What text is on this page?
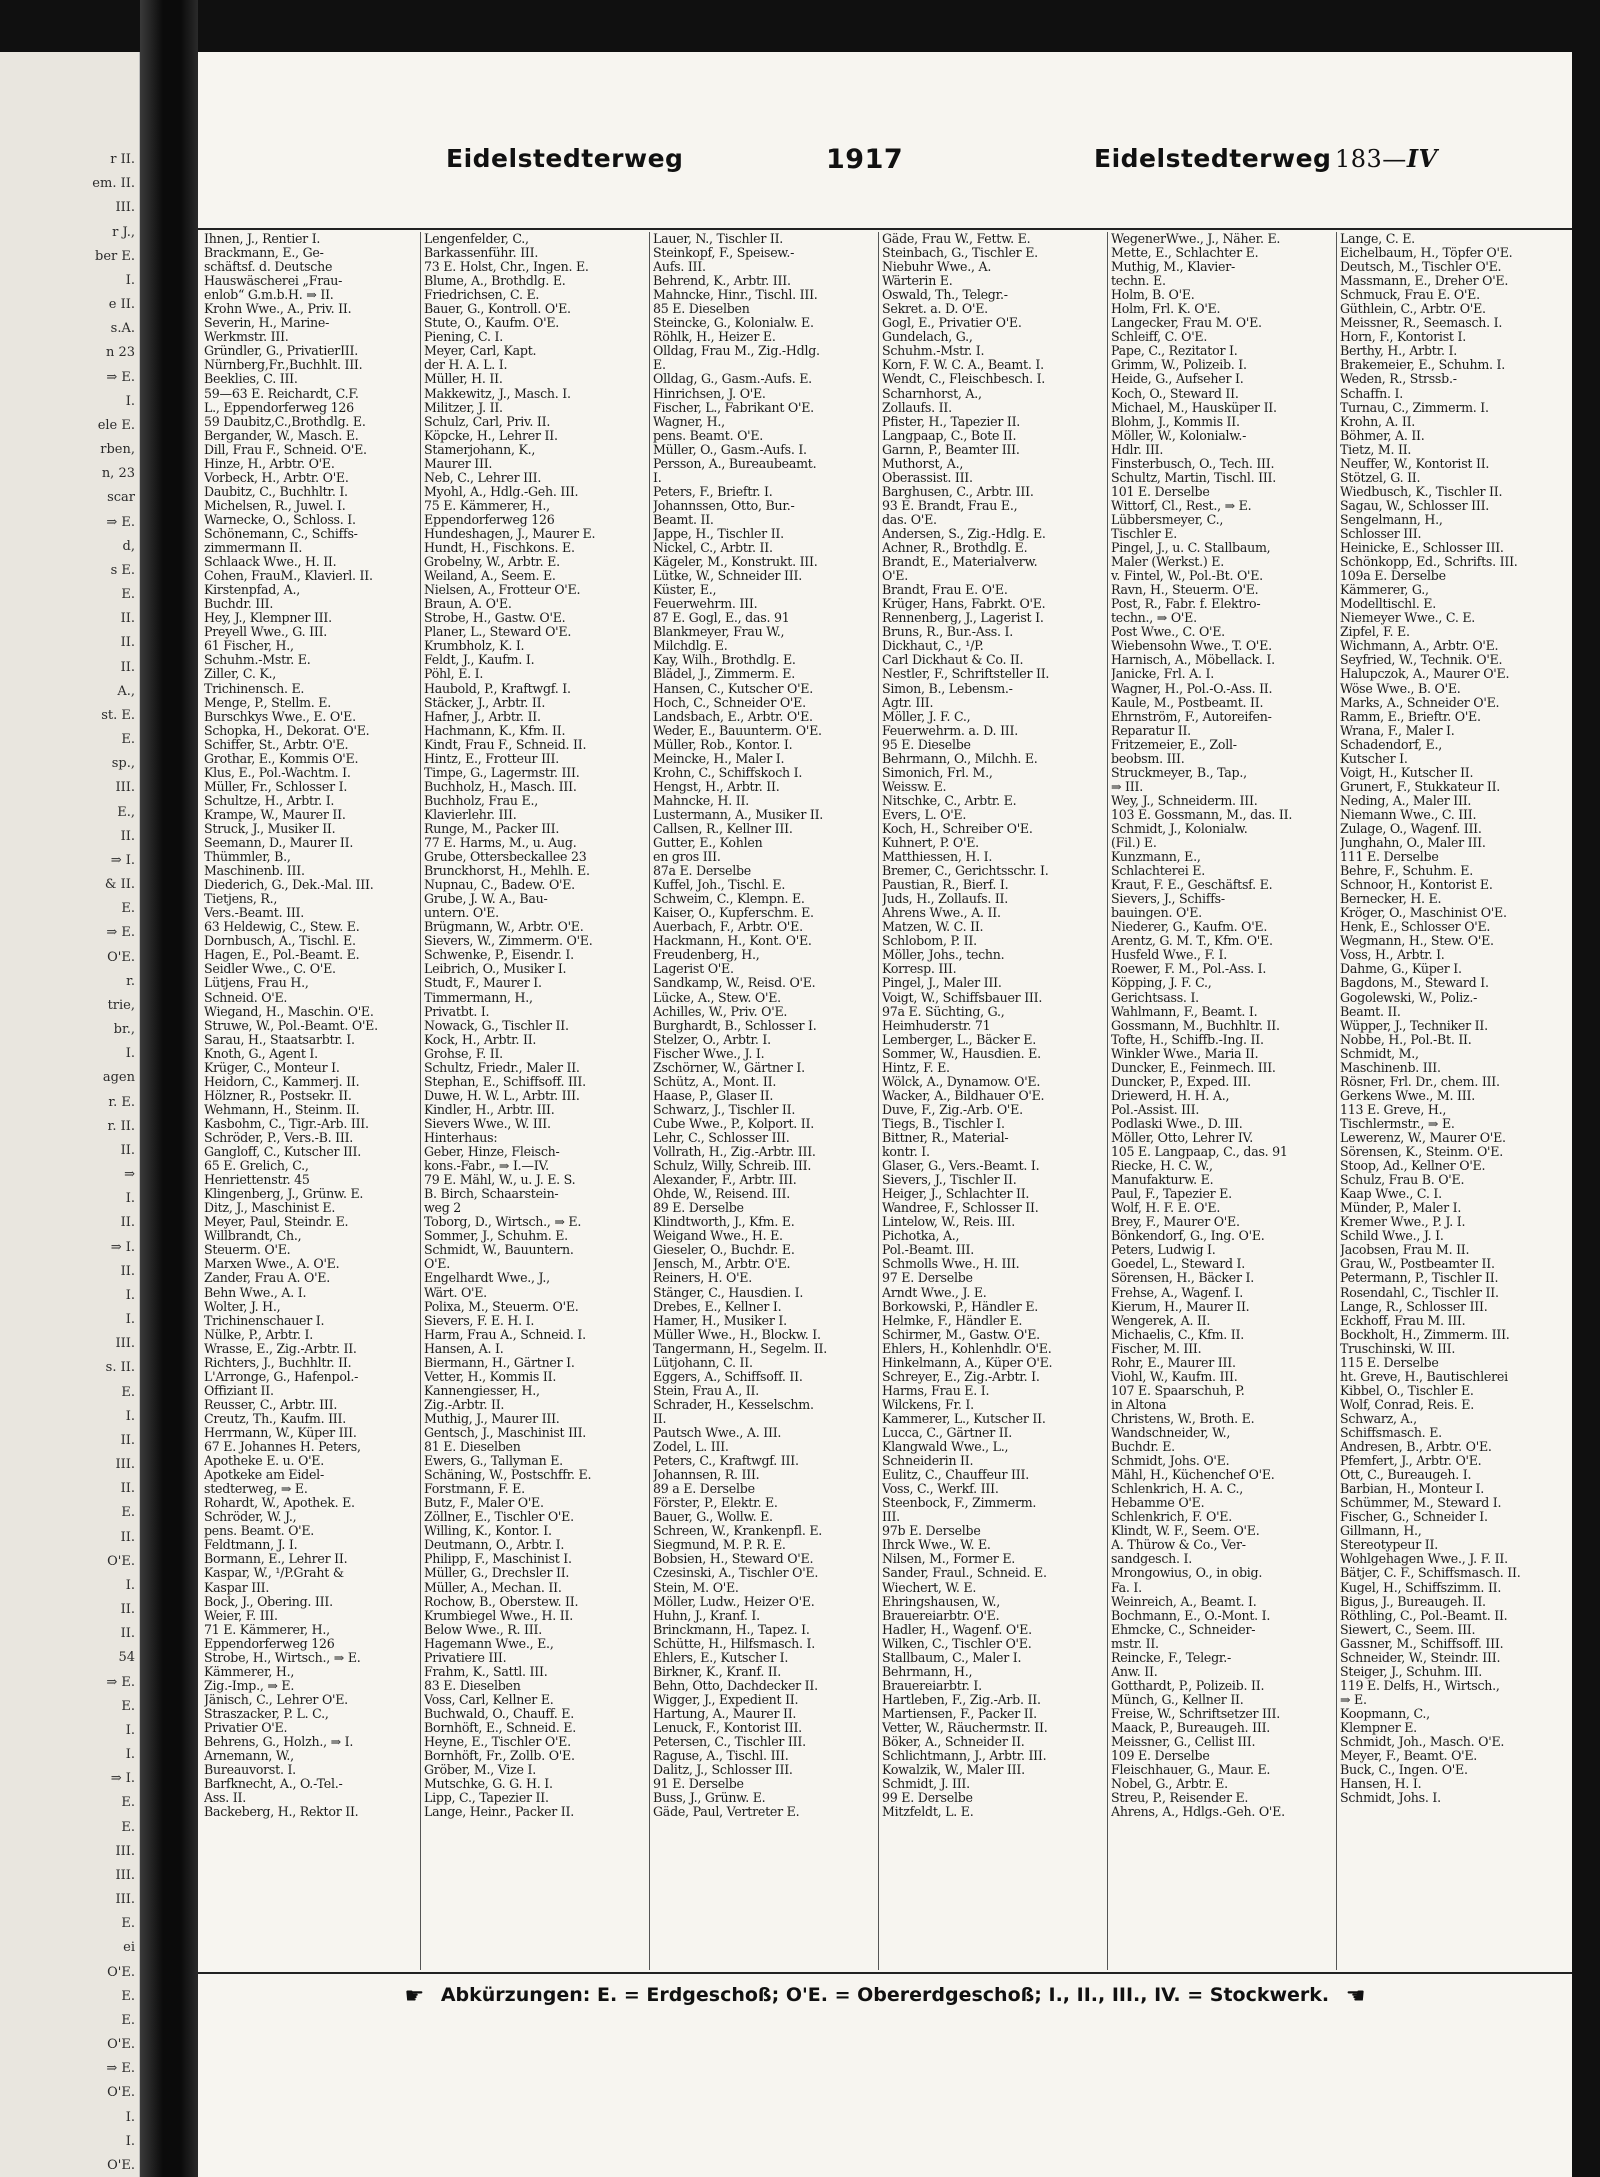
r II.
em. II.
III.
r J.,
ber E.
I.
e II.
s.A.
n 23
⇒ E.
I.
ele E.
rben,
n, 23
scar
⇒ E.
d,
s E.
E.
II.
II.
II.
A.,
st. E.
E.
sp.,
III.
E.,
II.
⇒ I.
& II.
E.
⇒ E.
O'E.
r.
trie,
br.,
I.
agen
r. E.
r. II.
II.
⇒
I.
II.
⇒ I.
II.
I.
I.
III.
s. II.
E.
I.
II.
III.
II.
E.
II.
O'E.
I.
II.
II.
54
⇒ E.
E.
I.
I.
⇒ I.
E.
E.
III.
III.
III.
E.
ei
O'E.
E.
E.
O'E.
⇒ E.
O'E.
I.
I.
O'E.
Eidelstedterweg	1917	Eidelstedterweg 183—IV
Ihnen, J., Rentier I.
Brackmann, E., Ge-
schäftsf. d. Deutsche
Hauswäscherei „Frau-
enlob“ G.m.b.H. ⇒ II.
Krohn Wwe., A., Priv. II.
Severin, H., Marine-
Werkmstr. III.
Gründler, G., PrivatierIII.
Nürnberg,Fr.,Buchhlt. III.
Beeklies, C. III.
59—63 E. Reichardt, C.F.
L., Eppendorferweg 126
59 Daubitz,C.,Brothdlg. E.
Bergander, W., Masch. E.
Dill, Frau F., Schneid. O'E.
Hinze, H., Arbtr. O'E.
Vorbeck, H., Arbtr. O'E.
Daubitz, C., Buchhltr. I.
Michelsen, R., Juwel. I.
Warnecke, O., Schloss. I.
Schönemann, C., Schiffs-
zimmermann II.
Schlaack Wwe., H. II.
Cohen, FrauM., Klavierl. II.
Kirstenpfad, A.,
Buchdr. III.
Hey, J., Klempner III.
Preyell Wwe., G. III.
61 Fischer, H.,
Schuhm.-Mstr. E.
Ziller, C. K.,
Trichinensch. E.
Menge, P., Stellm. E.
Burschkys Wwe., E. O'E.
Schopka, H., Dekorat. O'E.
Schiffer, St., Arbtr. O'E.
Grothar, E., Kommis O'E.
Klus, E., Pol.-Wachtm. I.
Müller, Fr., Schlosser I.
Schultze, H., Arbtr. I.
Krampe, W., Maurer II.
Struck, J., Musiker II.
Seemann, D., Maurer II.
Thümmler, B.,
Maschinenb. III.
Diederich, G., Dek.-Mal. III.
Tietjens, R.,
Vers.-Beamt. III.
63 Heldewig, C., Stew. E.
Dornbusch, A., Tischl. E.
Hagen, E., Pol.-Beamt. E.
Seidler Wwe., C. O'E.
Lütjens, Frau H.,
Schneid. O'E.
Wiegand, H., Maschin. O'E.
Struwe, W., Pol.-Beamt. O'E.
Sarau, H., Staatsarbtr. I.
Knoth, G., Agent I.
Krüger, C., Monteur I.
Heidorn, C., Kammerj. II.
Hölzner, R., Postsekr. II.
Wehmann, H., Steinm. II.
Kasbohm, C., Tigr.-Arb. III.
Schröder, P., Vers.-B. III.
Gangloff, C., Kutscher III.
65 E. Grelich, C.,
Henriettenstr. 45
Klingenberg, J., Grünw. E.
Ditz, J., Maschinist E.
Meyer, Paul, Steindr. E.
Willbrandt, Ch.,
Steuerm. O'E.
Marxen Wwe., A. O'E.
Zander, Frau A. O'E.
Behn Wwe., A. I.
Wolter, J. H.,
Trichinenschauer I.
Nülke, P., Arbtr. I.
Wrasse, E., Zig.-Arbtr. II.
Richters, J., Buchhltr. II.
L'Arronge, G., Hafenpol.-
Offiziant II.
Reusser, C., Arbtr. III.
Creutz, Th., Kaufm. III.
Herrmann, W., Küper III.
67 E. Johannes H. Peters,
Apotheke E. u. O'E.
Apotkeke am Eidel-
stedterweg, ⇒ E.
Rohardt, W., Apothek. E.
Schröder, W. J.,
pens. Beamt. O'E.
Feldtmann, J. I.
Bormann, E., Lehrer II.
Kaspar, W., ¹/P.Graht &
Kaspar III.
Bock, J., Obering. III.
Weier, F. III.
71 E. Kämmerer, H.,
Eppendorferweg 126
Strobe, H., Wirtsch., ⇒ E.
Kämmerer, H.,
Zig.-Imp., ⇒ E.
Jänisch, C., Lehrer O'E.
Straszacker, P. L. C.,
Privatier O'E.
Behrens, G., Holzh., ⇒ I.
Arnemann, W.,
Bureauvorst. I.
Barfknecht, A., O.-Tel.-
Ass. II.
Backeberg, H., Rektor II.
Lengenfelder, C.,
Barkassenführ. III.
73 E. Holst, Chr., Ingen. E.
Blume, A., Brothdlg. E.
Friedrichsen, C. E.
Bauer, G., Kontroll. O'E.
Stute, O., Kaufm. O'E.
Piening, C. I.
Meyer, Carl, Kapt.
der H. A. L. I.
Müller, H. II.
Makkewitz, J., Masch. I.
Militzer, J. II.
Schulz, Carl, Priv. II.
Köpcke, H., Lehrer II.
Stamerjohann, K.,
Maurer III.
Neb, C., Lehrer III.
Myohl, A., Hdlg.-Geh. III.
75 E. Kämmerer, H.,
Eppendorferweg 126
Hundeshagen, J., Maurer E.
Hundt, H., Fischkons. E.
Grobelny, W., Arbtr. E.
Weiland, A., Seem. E.
Nielsen, A., Frotteur O'E.
Braun, A. O'E.
Strobe, H., Gastw. O'E.
Planer, L., Steward O'E.
Krumbholz, K. I.
Feldt, J., Kaufm. I.
Pöhl, E. I.
Haubold, P., Kraftwgf. I.
Stäcker, J., Arbtr. II.
Hafner, J., Arbtr. II.
Hachmann, K., Kfm. II.
Kindt, Frau F., Schneid. II.
Hintz, E., Frotteur III.
Timpe, G., Lagermstr. III.
Buchholz, H., Masch. III.
Buchholz, Frau E.,
Klavierlehr. III.
Runge, M., Packer III.
77 E. Harms, M., u. Aug.
Grube, Ottersbeckallee 23
Brunckhorst, H., Mehlh. E.
Nupnau, C., Badew. O'E.
Grube, J. W. A., Bau-
untern. O'E.
Brügmann, W., Arbtr. O'E.
Sievers, W., Zimmerm. O'E.
Schwenke, P., Eisendr. I.
Leibrich, O., Musiker I.
Studt, F., Maurer I.
Timmermann, H.,
Privatbt. I.
Nowack, G., Tischler II.
Kock, H., Arbtr. II.
Grohse, F. II.
Schultz, Friedr., Maler II.
Stephan, E., Schiffsoff. III.
Duwe, H. W. L., Arbtr. III.
Kindler, H., Arbtr. III.
Sievers Wwe., W. III.
Hinterhaus:
Geber, Hinze, Fleisch-
kons.-Fabr., ⇒ I.—IV.
79 E. Mähl, W., u. J. E. S.
B. Birch, Schaarstein-
weg 2
Toborg, D., Wirtsch., ⇒ E.
Sommer, J., Schuhm. E.
Schmidt, W., Bauuntern.
O'E.
Engelhardt Wwe., J.,
Wärt. O'E.
Polixa, M., Steuerm. O'E.
Sievers, F. E. H. I.
Harm, Frau A., Schneid. I.
Hansen, A. I.
Biermann, H., Gärtner I.
Vetter, H., Kommis II.
Kannengiesser, H.,
Zig.-Arbtr. II.
Muthig, J., Maurer III.
Gentsch, J., Maschinist III.
81 E. Dieselben
Ewers, G., Tallyman E.
Schäning, W., Postschffr. E.
Forstmann, F. E.
Butz, F., Maler O'E.
Zöllner, E., Tischler O'E.
Willing, K., Kontor. I.
Deutmann, O., Arbtr. I.
Philipp, F., Maschinist I.
Müller, G., Drechsler II.
Müller, A., Mechan. II.
Rochow, B., Oberstew. II.
Krumbiegel Wwe., H. II.
Below Wwe., R. III.
Hagemann Wwe., E.,
Privatiere III.
Frahm, K., Sattl. III.
83 E. Dieselben
Voss, Carl, Kellner E.
Buchwald, O., Chauff. E.
Bornhöft, E., Schneid. E.
Heyne, E., Tischler O'E.
Bornhöft, Fr., Zollb. O'E.
Gröber, M., Vize I.
Mutschke, G. G. H. I.
Lipp, C., Tapezier II.
Lange, Heinr., Packer II.
Lauer, N., Tischler II.
Steinkopf, F., Speisew.-
Aufs. III.
Behrend, K., Arbtr. III.
Mahncke, Hinr., Tischl. III.
85 E. Dieselben
Steincke, G., Kolonialw. E.
Röhlk, H., Heizer E.
Olldag, Frau M., Zig.-Hdlg.
E.
Olldag, G., Gasm.-Aufs. E.
Hinrichsen, J. O'E.
Fischer, L., Fabrikant O'E.
Wagner, H.,
pens. Beamt. O'E.
Müller, O., Gasm.-Aufs. I.
Persson, A., Bureaubeamt.
I.
Peters, F., Brieftr. I.
Johannssen, Otto, Bur.-
Beamt. II.
Jappe, H., Tischler II.
Nickel, C., Arbtr. II.
Kägeler, M., Konstrukt. III.
Lütke, W., Schneider III.
Küster, E.,
Feuerwehrm. III.
87 E. Gogl, E., das. 91
Blankmeyer, Frau W.,
Milchdlg. E.
Kay, Wilh., Brothdlg. E.
Blädel, J., Zimmerm. E.
Hansen, C., Kutscher O'E.
Hoch, C., Schneider O'E.
Landsbach, E., Arbtr. O'E.
Weder, E., Bauunterm. O'E.
Müller, Rob., Kontor. I.
Meincke, H., Maler I.
Krohn, C., Schiffskoch I.
Hengst, H., Arbtr. II.
Mahncke, H. II.
Lustermann, A., Musiker II.
Callsen, R., Kellner III.
Gutter, E., Kohlen
en gros III.
87a E. Derselbe
Kuffel, Joh., Tischl. E.
Schweim, C., Klempn. E.
Kaiser, O., Kupferschm. E.
Auerbach, F., Arbtr. O'E.
Hackmann, H., Kont. O'E.
Freudenberg, H.,
Lagerist O'E.
Sandkamp, W., Reisd. O'E.
Lücke, A., Stew. O'E.
Achilles, W., Priv. O'E.
Burghardt, B., Schlosser I.
Stelzer, O., Arbtr. I.
Fischer Wwe., J. I.
Zschörner, W., Gärtner I.
Schütz, A., Mont. II.
Haase, P., Glaser II.
Schwarz, J., Tischler II.
Cube Wwe., P., Kolport. II.
Lehr, C., Schlosser III.
Vollrath, H., Zig.-Arbtr. III.
Schulz, Willy, Schreib. III.
Alexander, F., Arbtr. III.
Ohde, W., Reisend. III.
89 E. Derselbe
Klindtworth, J., Kfm. E.
Weigand Wwe., H. E.
Gieseler, O., Buchdr. E.
Jensch, M., Arbtr. O'E.
Reiners, H. O'E.
Stänger, C., Hausdien. I.
Drebes, E., Kellner I.
Hamer, H., Musiker I.
Müller Wwe., H., Blockw. I.
Tangermann, H., Segelm. II.
Lütjohann, C. II.
Eggers, A., Schiffsoff. II.
Stein, Frau A., II.
Schrader, H., Kesselschm.
II.
Pautsch Wwe., A. III.
Zodel, L. III.
Peters, C., Kraftwgf. III.
Johannsen, R. III.
89 a E. Derselbe
Förster, P., Elektr. E.
Bauer, G., Wollw. E.
Schreen, W., Krankenpfl. E.
Siegmund, M. P. R. E.
Bobsien, H., Steward O'E.
Czesinski, A., Tischler O'E.
Stein, M. O'E.
Möller, Ludw., Heizer O'E.
Huhn, J., Kranf. I.
Brinckmann, H., Tapez. I.
Schütte, H., Hilfsmasch. I.
Ehlers, E., Kutscher I.
Birkner, K., Kranf. II.
Behn, Otto, Dachdecker II.
Wigger, J., Expedient II.
Hartung, A., Maurer II.
Lenuck, F., Kontorist III.
Petersen, C., Tischler III.
Raguse, A., Tischl. III.
Dalitz, J., Schlosser III.
91 E. Derselbe
Buss, J., Grünw. E.
Gäde, Paul, Vertreter E.
Gäde, Frau W., Fettw. E.
Steinbach, G., Tischler E.
Niebuhr Wwe., A.
Wärterin E.
Oswald, Th., Telegr.-
Sekret. a. D. O'E.
Gogl, E., Privatier O'E.
Gundelach, G.,
Schuhm.-Mstr. I.
Korn, F. W. C. A., Beamt. I.
Wendt, C., Fleischbesch. I.
Scharnhorst, A.,
Zollaufs. II.
Pfister, H., Tapezier II.
Langpaap, C., Bote II.
Garnn, P., Beamter III.
Muthorst, A.,
Oberassist. III.
Barghusen, C., Arbtr. III.
93 E. Brandt, Frau E.,
das. O'E.
Andersen, S., Zig.-Hdlg. E.
Achner, R., Brothdlg. E.
Brandt, E., Materialverw.
O'E.
Brandt, Frau E. O'E.
Krüger, Hans, Fabrkt. O'E.
Rennenberg, J., Lagerist I.
Bruns, R., Bur.-Ass. I.
Dickhaut, C., ¹/P.
Carl Dickhaut & Co. II.
Nestler, F., Schriftsteller II.
Simon, B., Lebensm.-
Agtr. III.
Möller, J. F. C.,
Feuerwehrm. a. D. III.
95 E. Dieselbe
Behrmann, O., Milchh. E.
Simonich, Frl. M.,
Weissw. E.
Nitschke, C., Arbtr. E.
Evers, L. O'E.
Koch, H., Schreiber O'E.
Kuhnert, P. O'E.
Matthiessen, H. I.
Bremer, C., Gerichtsschr. I.
Paustian, R., Bierf. I.
Juds, H., Zollaufs. II.
Ahrens Wwe., A. II.
Matzen, W. C. II.
Schlobom, P. II.
Möller, Johs., techn.
Korresp. III.
Pingel, J., Maler III.
Voigt, W., Schiffsbauer III.
97a E. Süchting, G.,
Heimhuderstr. 71
Lemberger, L., Bäcker E.
Sommer, W., Hausdien. E.
Hintz, F. E.
Wölck, A., Dynamow. O'E.
Wacker, A., Bildhauer O'E.
Duve, F., Zig.-Arb. O'E.
Tiegs, B., Tischler I.
Bittner, R., Material-
kontr. I.
Glaser, G., Vers.-Beamt. I.
Sievers, J., Tischler II.
Heiger, J., Schlachter II.
Wandree, F., Schlosser II.
Lintelow, W., Reis. III.
Pichotka, A.,
Pol.-Beamt. III.
Schmolls Wwe., H. III.
97 E. Derselbe
Arndt Wwe., J. E.
Borkowski, P., Händler E.
Helmke, F., Händler E.
Schirmer, M., Gastw. O'E.
Ehlers, H., Kohlenhdlr. O'E.
Hinkelmann, A., Küper O'E.
Schreyer, E., Zig.-Arbtr. I.
Harms, Frau E. I.
Wilckens, Fr. I.
Kammerer, L., Kutscher II.
Lucca, C., Gärtner II.
Klangwald Wwe., L.,
Schneiderin II.
Eulitz, C., Chauffeur III.
Voss, C., Werkf. III.
Steenbock, F., Zimmerm.
III.
97b E. Derselbe
Ihrck Wwe., W. E.
Nilsen, M., Former E.
Sander, Fraul., Schneid. E.
Wiechert, W. E.
Ehringshausen, W.,
Brauereiarbtr. O'E.
Hadler, H., Wagenf. O'E.
Wilken, C., Tischler O'E.
Stallbaum, C., Maler I.
Behrmann, H.,
Brauereiarbtr. I.
Hartleben, F., Zig.-Arb. II.
Martiensen, F., Packer II.
Vetter, W., Räuchermstr. II.
Böker, A., Schneider II.
Schlichtmann, J., Arbtr. III.
Kowalzik, W., Maler III.
Schmidt, J. III.
99 E. Derselbe
Mitzfeldt, L. E.
WegenerWwe., J., Näher. E.
Mette, E., Schlachter E.
Muthig, M., Klavier-
techn. E.
Holm, B. O'E.
Holm, Frl. K. O'E.
Langecker, Frau M. O'E.
Schleiff, C. O'E.
Pape, C., Rezitator I.
Grimm, W., Polizeib. I.
Heide, G., Aufseher I.
Koch, O., Steward II.
Michael, M., Hausküper II.
Blohm, J., Kommis II.
Möller, W., Kolonialw.-
Hdlr. III.
Finsterbusch, O., Tech. III.
Schultz, Martin, Tischl. III.
101 E. Derselbe
Wittorf, Cl., Rest., ⇒ E.
Lübbersmeyer, C.,
Tischler E.
Pingel, J., u. C. Stallbaum,
Maler (Werkst.) E.
v. Fintel, W., Pol.-Bt. O'E.
Ravn, H., Steuerm. O'E.
Post, R., Fabr. f. Elektro-
techn., ⇒ O'E.
Post Wwe., C. O'E.
Wiebensohn Wwe., T. O'E.
Harnisch, A., Möbellack. I.
Janicke, Frl. A. I.
Wagner, H., Pol.-O.-Ass. II.
Kaule, M., Postbeamt. II.
Ehrnström, F., Autoreifen-
Reparatur II.
Fritzemeier, E., Zoll-
beobsm. III.
Struckmeyer, B., Tap.,
⇒ III.
Wey, J., Schneiderm. III.
103 E. Gossmann, M., das. II.
Schmidt, J., Kolonialw.
(Fil.) E.
Kunzmann, E.,
Schlachterei E.
Kraut, F. E., Geschäftsf. E.
Sievers, J., Schiffs-
bauingen. O'E.
Niederer, G., Kaufm. O'E.
Arentz, G. M. T., Kfm. O'E.
Husfeld Wwe., F. I.
Roewer, F. M., Pol.-Ass. I.
Köpping, J. F. C.,
Gerichtsass. I.
Wahlmann, F., Beamt. I.
Gossmann, M., Buchhltr. II.
Tofte, H., Schiffb.-Ing. II.
Winkler Wwe., Maria II.
Duncker, E., Feinmech. III.
Duncker, P., Exped. III.
Driewerd, H. H. A.,
Pol.-Assist. III.
Podlaski Wwe., D. III.
Möller, Otto, Lehrer IV.
105 E. Langpaap, C., das. 91
Riecke, H. C. W.,
Manufakturw. E.
Paul, F., Tapezier E.
Wolf, H. F. E. O'E.
Brey, F., Maurer O'E.
Bönkendorf, G., Ing. O'E.
Peters, Ludwig I.
Goedel, L., Steward I.
Sörensen, H., Bäcker I.
Frehse, A., Wagenf. I.
Kierum, H., Maurer II.
Wengerek, A. II.
Michaelis, C., Kfm. II.
Fischer, M. III.
Rohr, E., Maurer III.
Viohl, W., Kaufm. III.
107 E. Spaarschuh, P.
in Altona
Christens, W., Broth. E.
Wandschneider, W.,
Buchdr. E.
Schmidt, Johs. O'E.
Mähl, H., Küchenchef O'E.
Schlenkrich, H. A. C.,
Hebamme O'E.
Schlenkrich, F. O'E.
Klindt, W. F., Seem. O'E.
A. Thürow & Co., Ver-
sandgesch. I.
Mrongowius, O., in obig.
Fa. I.
Weinreich, A., Beamt. I.
Bochmann, E., O.-Mont. I.
Ehmcke, C., Schneider-
mstr. II.
Reincke, F., Telegr.-
Anw. II.
Gotthardt, P., Polizeib. II.
Münch, G., Kellner II.
Freise, W., Schriftsetzer III.
Maack, P., Bureaugeh. III.
Meissner, G., Cellist III.
109 E. Derselbe
Fleischhauer, G., Maur. E.
Nobel, G., Arbtr. E.
Streu, P., Reisender E.
Ahrens, A., Hdlgs.-Geh. O'E.
Lange, C. E.
Eichelbaum, H., Töpfer O'E.
Deutsch, M., Tischler O'E.
Massmann, E., Dreher O'E.
Schmuck, Frau E. O'E.
Güthlein, C., Arbtr. O'E.
Meissner, R., Seemasch. I.
Horn, F., Kontorist I.
Berthy, H., Arbtr. I.
Brakemeier, E., Schuhm. I.
Weden, R., Strssb.-
Schaffn. I.
Turnau, C., Zimmerm. I.
Krohn, A. II.
Böhmer, A. II.
Tietz, M. II.
Neuffer, W., Kontorist II.
Stötzel, G. II.
Wiedbusch, K., Tischler II.
Sagau, W., Schlosser III.
Sengelmann, H.,
Schlosser III.
Heinicke, E., Schlosser III.
Schönkopp, Ed., Schrifts. III.
109a E. Derselbe
Kämmerer, G.,
Modelltischl. E.
Niemeyer Wwe., C. E.
Zipfel, F. E.
Wichmann, A., Arbtr. O'E.
Seyfried, W., Technik. O'E.
Halupczok, A., Maurer O'E.
Wöse Wwe., B. O'E.
Marks, A., Schneider O'E.
Ramm, E., Brieftr. O'E.
Wrana, F., Maler I.
Schadendorf, E.,
Kutscher I.
Voigt, H., Kutscher II.
Grunert, F., Stukkateur II.
Neding, A., Maler III.
Niemann Wwe., C. III.
Zulage, O., Wagenf. III.
Junghahn, O., Maler III.
111 E. Derselbe
Behre, F., Schuhm. E.
Schnoor, H., Kontorist E.
Bernecker, H. E.
Kröger, O., Maschinist O'E.
Henk, E., Schlosser O'E.
Wegmann, H., Stew. O'E.
Voss, H., Arbtr. I.
Dahme, G., Küper I.
Bagdons, M., Steward I.
Gogolewski, W., Poliz.-
Beamt. II.
Wüpper, J., Techniker II.
Nobbe, H., Pol.-Bt. II.
Schmidt, M.,
Maschinenb. III.
Rösner, Frl. Dr., chem. III.
Gerkens Wwe., M. III.
113 E. Greve, H.,
Tischlermstr., ⇒ E.
Lewerenz, W., Maurer O'E.
Sörensen, K., Steinm. O'E.
Stoop, Ad., Kellner O'E.
Schulz, Frau B. O'E.
Kaap Wwe., C. I.
Münder, P., Maler I.
Kremer Wwe., P. J. I.
Schild Wwe., J. I.
Jacobsen, Frau M. II.
Grau, W., Postbeamter II.
Petermann, P., Tischler II.
Rosendahl, C., Tischler II.
Lange, R., Schlosser III.
Eckhoff, Frau M. III.
Bockholt, H., Zimmerm. III.
Truschinski, W. III.
115 E. Derselbe
ht. Greve, H., Bautischlerei
Kibbel, O., Tischler E.
Wolf, Conrad, Reis. E.
Schwarz, A.,
Schiffsmasch. E.
Andresen, B., Arbtr. O'E.
Pfemfert, J., Arbtr. O'E.
Ott, C., Bureaugeh. I.
Barbian, H., Monteur I.
Schümmer, M., Steward I.
Fischer, G., Schneider I.
Gillmann, H.,
Stereotypeur II.
Wohlgehagen Wwe., J. F. II.
Bätjer, C. F., Schiffsmasch. II.
Kugel, H., Schiffszimm. II.
Bigus, J., Bureaugeh. II.
Röthling, C., Pol.-Beamt. II.
Siewert, C., Seem. III.
Gassner, M., Schiffsoff. III.
Schneider, W., Steindr. III.
Steiger, J., Schuhm. III.
119 E. Delfs, H., Wirtsch.,
⇒ E.
Koopmann, C.,
Klempner E.
Schmidt, Joh., Masch. O'E.
Meyer, F., Beamt. O'E.
Buck, C., Ingen. O'E.
Hansen, H. I.
Schmidt, Johs. I.
☛ Abkürzungen: E. = Erdgeschoß; O'E. = Obererdgeschoß; I., II., III., IV. = Stockwerk. ☚
